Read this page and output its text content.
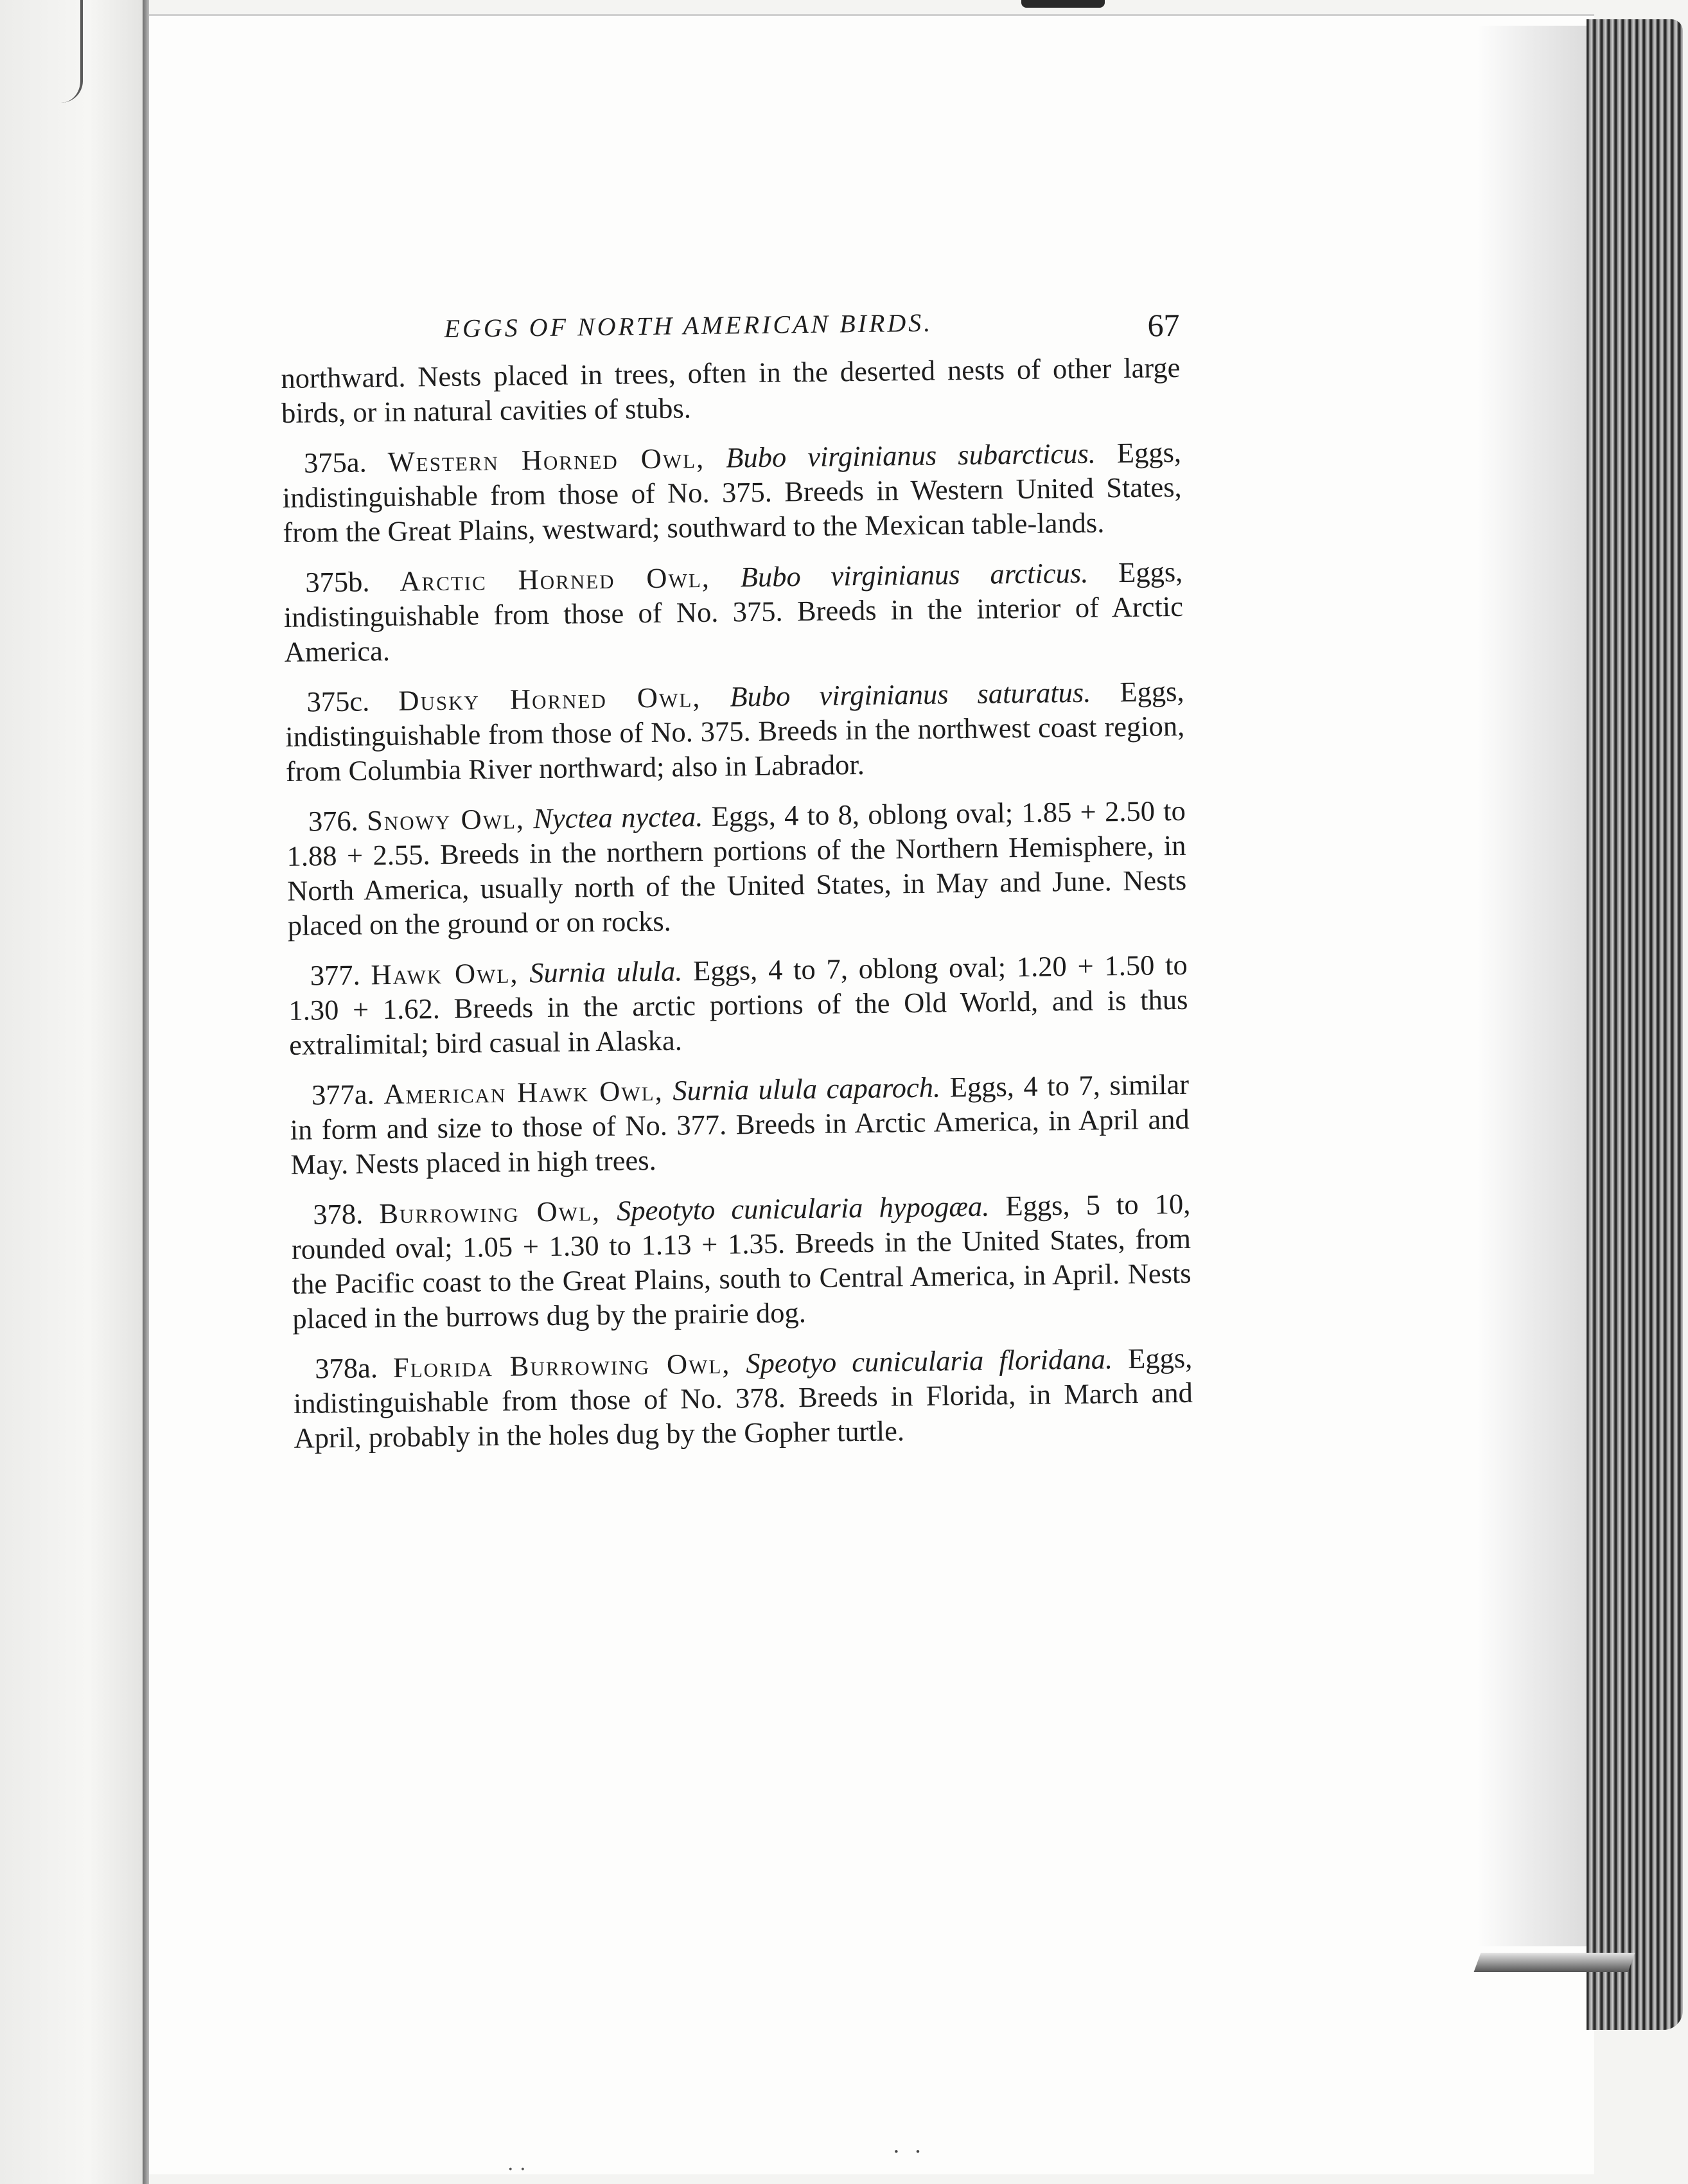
EGGS OF NORTH AMERICAN BIRDS.	67

northward. Nests placed in trees, often in the deserted nests of other large birds, or in natural cavities of stubs.

375a. Western Horned Owl, Bubo virginianus subarcticus. Eggs, indistinguishable from those of No. 375. Breeds in Western United States, from the Great Plains, westward; southward to the Mexican table-lands.

375b. Arctic Horned Owl, Bubo virginianus arcticus. Eggs, indistinguishable from those of No. 375. Breeds in the interior of Arctic America.

375c. Dusky Horned Owl, Bubo virginianus saturatus. Eggs, indistinguishable from those of No. 375. Breeds in the northwest coast region, from Columbia River northward; also in Labrador.

376. Snowy Owl, Nyctea nyctea. Eggs, 4 to 8, oblong oval; 1.85 + 2.50 to 1.88 + 2.55. Breeds in the northern portions of the Northern Hemisphere, in North America, usually north of the United States, in May and June. Nests placed on the ground or on rocks.

377. Hawk Owl, Surnia ulula. Eggs, 4 to 7, oblong oval; 1.20 + 1.50 to 1.30 + 1.62. Breeds in the arctic portions of the Old World, and is thus extralimital; bird casual in Alaska.

377a. American Hawk Owl, Surnia ulula caparoch. Eggs, 4 to 7, similar in form and size to those of No. 377. Breeds in Arctic America, in April and May. Nests placed in high trees.

378. Burrowing Owl, Speotyto cunicularia hypogæa. Eggs, 5 to 10, rounded oval; 1.05 + 1.30 to 1.13 + 1.35. Breeds in the United States, from the Pacific coast to the Great Plains, south to Central America, in April. Nests placed in the burrows dug by the prairie dog.

378a. Florida Burrowing Owl, Speotyo cunicularia floridana. Eggs, indistinguishable from those of No. 378. Breeds in Florida, in March and April, probably in the holes dug by the Gopher turtle.

· ·
· ·
